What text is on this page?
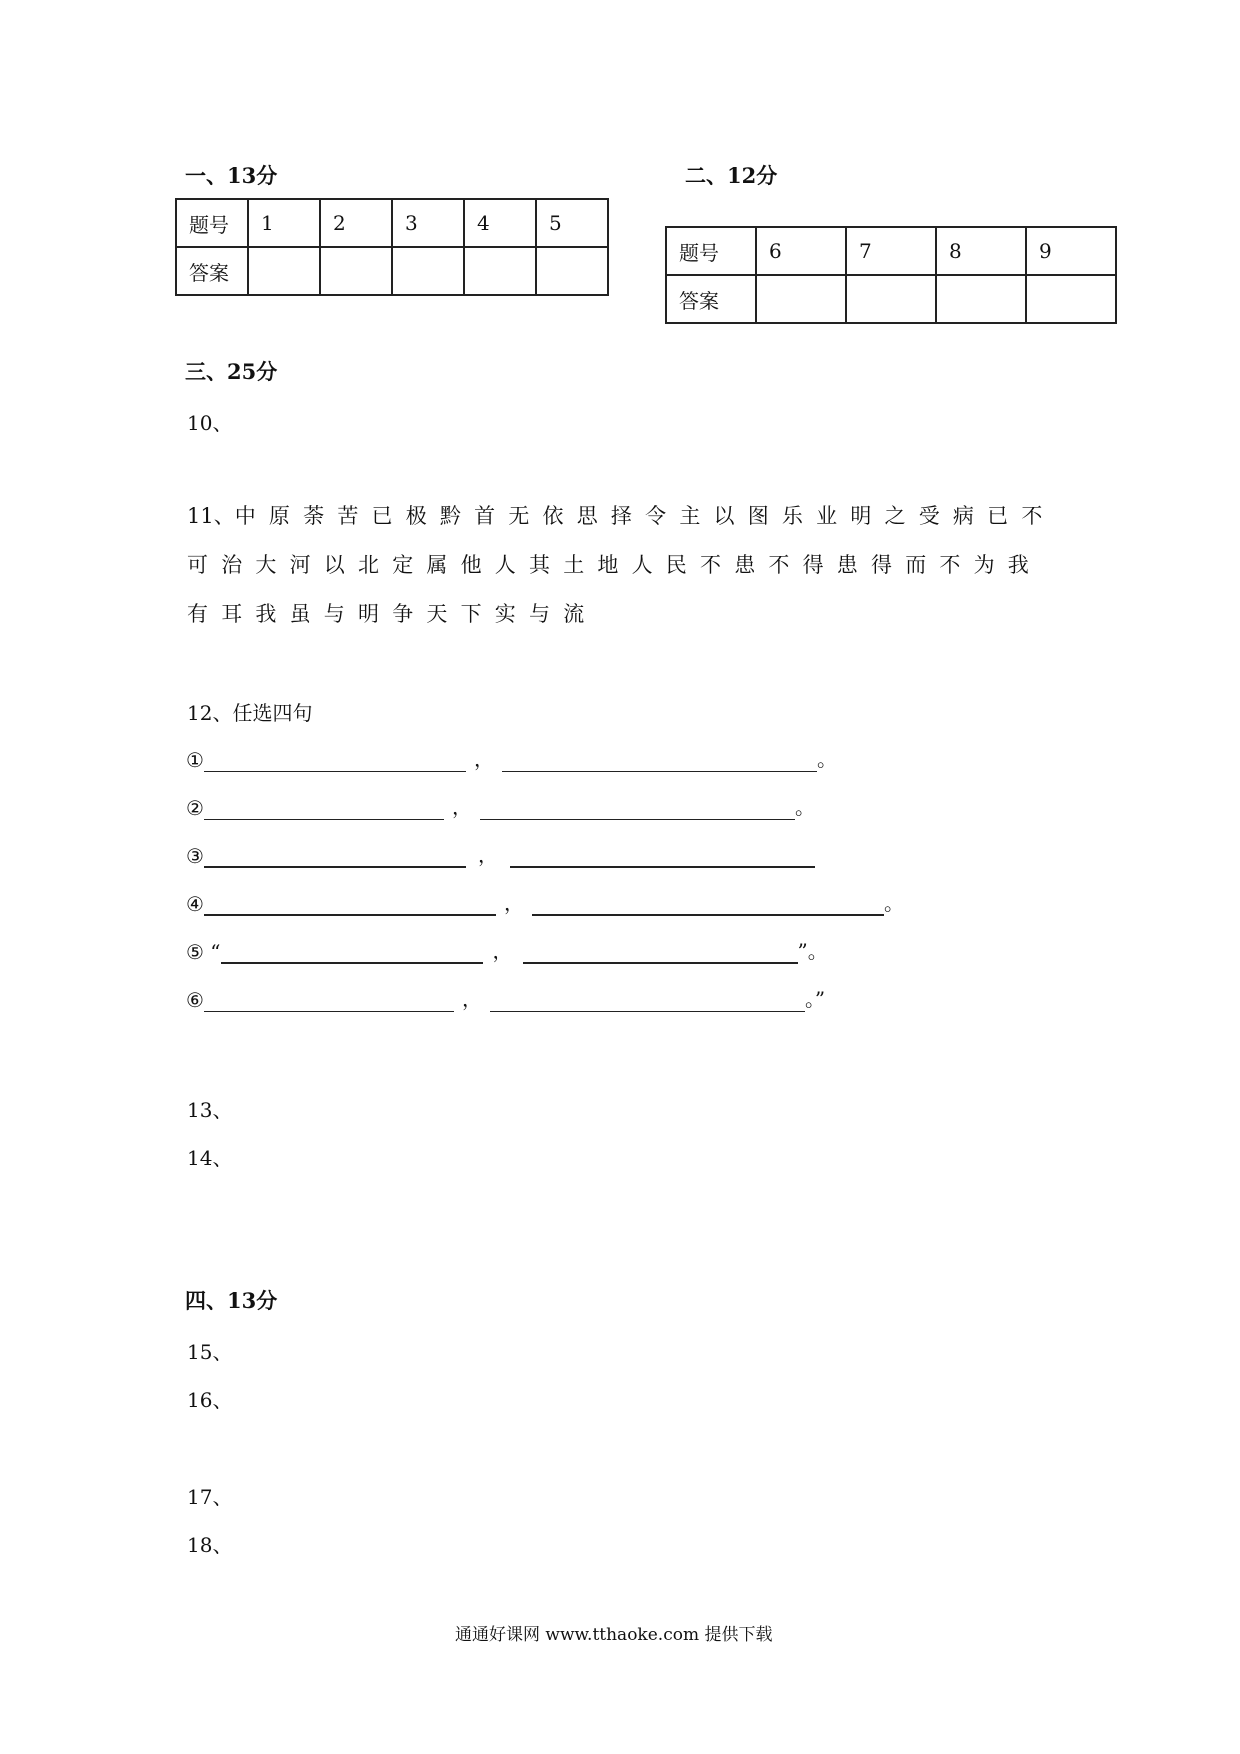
一、13分
题号	1	2	3	4	5
答案					
二、12分
题号	6	7	8	9
答案				
三、25分
10、
11、中原荼苦已极黔首无依思择令主以图乐业明之受病已不
可治大河以北定属他人其土地人民不患不得患得而不为我
有耳我虽与明争天下实与流
12、任选四句
①	，	。
②	，	。
③	，
④	，	。
⑤ “	，	”。
⑥	，	。”
13、
14、
四、13分
15、
16、
17、
18、
通通好课网 www.tthaoke.com 提供下载
